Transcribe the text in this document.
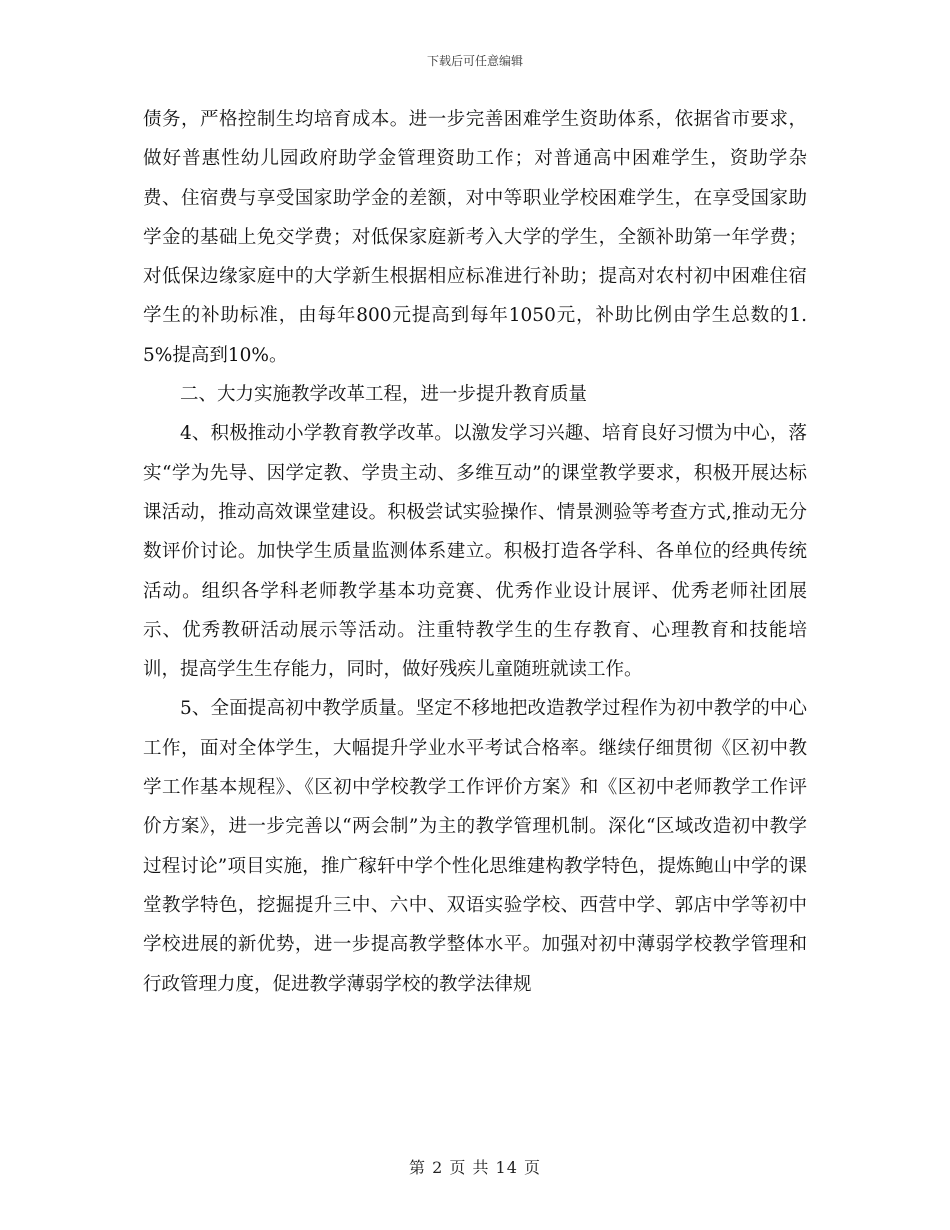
下载后可任意编辑

债务，严格控制生均培育成本。进一步完善困难学生资助体系，依据省市要求，做好普惠性幼儿园政府助学金管理资助工作；对普通高中困难学生，资助学杂费、住宿费与享受国家助学金的差额，对中等职业学校困难学生，在享受国家助学金的基础上免交学费；对低保家庭新考入大学的学生，全额补助第一年学费；对低保边缘家庭中的大学新生根据相应标准进行补助；提高对农村初中困难住宿学生的补助标准，由每年800元提高到每年1050元，补助比例由学生总数的1.5%提高到10%。

二、大力实施教学改革工程，进一步提升教育质量

4、积极推动小学教育教学改革。以激发学习兴趣、培育良好习惯为中心，落实“学为先导、因学定教、学贵主动、多维互动”的课堂教学要求，积极开展达标课活动，推动高效课堂建设。积极尝试实验操作、情景测验等考查方式,推动无分数评价讨论。加快学生质量监测体系建立。积极打造各学科、各单位的经典传统活动。组织各学科老师教学基本功竞赛、优秀作业设计展评、优秀老师社团展示、优秀教研活动展示等活动。注重特教学生的生存教育、心理教育和技能培训，提高学生生存能力，同时，做好残疾儿童随班就读工作。

5、全面提高初中教学质量。坚定不移地把改造教学过程作为初中教学的中心工作，面对全体学生，大幅提升学业水平考试合格率。继续仔细贯彻《区初中教学工作基本规程》、《区初中学校教学工作评价方案》和《区初中老师教学工作评价方案》，进一步完善以“两会制”为主的教学管理机制。深化“区域改造初中教学过程讨论”项目实施，推广稼轩中学个性化思维建构教学特色，提炼鲍山中学的课堂教学特色，挖掘提升三中、六中、双语实验学校、西营中学、郭店中学等初中学校进展的新优势，进一步提高教学整体水平。加强对初中薄弱学校教学管理和行政管理力度，促进教学薄弱学校的教学法律规

第 2 页 共 14 页
